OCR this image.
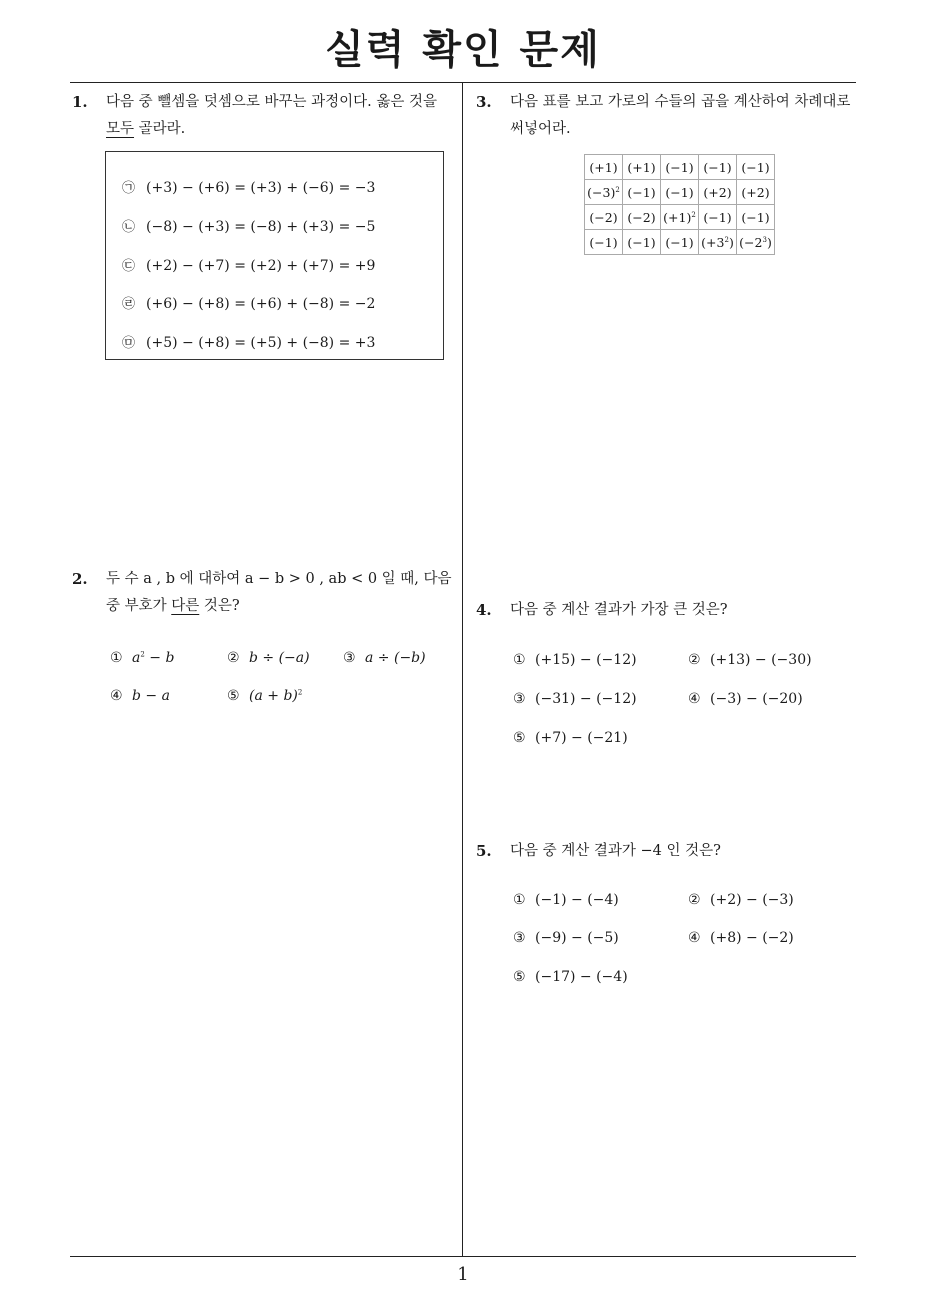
실력 확인 문제
1
1. 다음 중 뺄셈을 덧셈으로 바꾸는 과정이다. 옳은 것을
모두 골라라.
㉠ (+3) − (+6) = (+3) + (−6) = −3
㉡ (−8) − (+3) = (−8) + (+3) = −5
㉢ (+2) − (+7) = (+2) + (+7) = +9
㉣ (+6) − (+8) = (+6) + (−8) = −2
㉤ (+5) − (+8) = (+5) + (−8) = +3
2. 두 수 a , b 에 대하여 a − b > 0 , ab < 0 일 때, 다음
중 부호가 다른 것은?
① $a^2 - b$	② b ÷ (−a) ③ a ÷ (−b)
④ b − a	⑤ $(a + b)^2$
3. 다음 표를 보고 가로의 수들의 곱을 계산하여 차례대로
써넣어라.
(+1)	(+1)	(−1)	(−1)	(−1)
$(-3)^2$	(−1)	(−1)	(+2)	(+2)
(−2)	(−2)	$(+1)^2$	(−1)	(−1)
(−1)	(−1)	(−1)	$(+3^2)$	$(-2^3)$
4. 다음 중 계산 결과가 가장 큰 것은?
① (+15) − (−12)	② (+13) − (−30)
③ (−31) − (−12)	④ (−3) − (−20)
⑤ (+7) − (−21)
5. 다음 중 계산 결과가 −4 인 것은?
① (−1) − (−4)	② (+2) − (−3)
③ (−9) − (−5)	④ (+8) − (−2)
⑤ (−17) − (−4)
